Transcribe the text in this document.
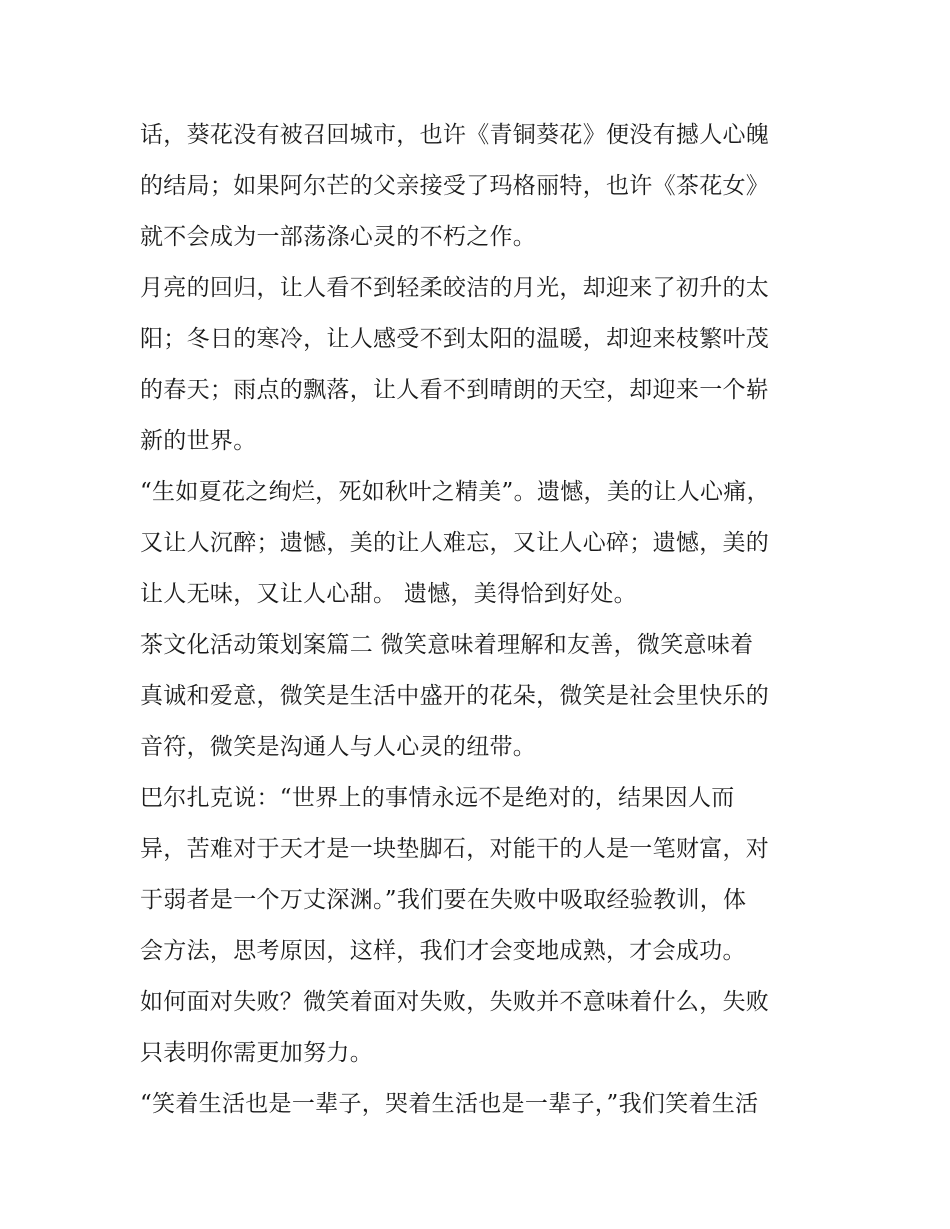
话，葵花没有被召回城市，也许《青铜葵花》便没有撼人心魄
的结局；如果阿尔芒的父亲接受了玛格丽特，也许《茶花女》
就不会成为一部荡涤心灵的不朽之作。
月亮的回归，让人看不到轻柔皎洁的月光，却迎来了初升的太
阳；冬日的寒冷，让人感受不到太阳的温暖，却迎来枝繁叶茂
的春天；雨点的飘落，让人看不到晴朗的天空，却迎来一个崭
新的世界。
“生如夏花之绚烂，死如秋叶之精美”。遗憾，美的让人心痛，
又让人沉醉；遗憾，美的让人难忘，又让人心碎；遗憾，美的
让人无味，又让人心甜。 遗憾，美得恰到好处。
茶文化活动策划案篇二 微笑意味着理解和友善，微笑意味着
真诚和爱意，微笑是生活中盛开的花朵，微笑是社会里快乐的
音符，微笑是沟通人与人心灵的纽带。
巴尔扎克说：“世界上的事情永远不是绝对的，结果因人而
异，苦难对于天才是一块垫脚石，对能干的人是一笔财富，对
于弱者是一个万丈深渊。”我们要在失败中吸取经验教训，体
会方法，思考原因，这样，我们才会变地成熟，才会成功。
如何面对失败？微笑着面对失败，失败并不意味着什么，失败
只表明你需更加努力。
“笑着生活也是一辈子，哭着生活也是一辈子，”我们笑着生活
